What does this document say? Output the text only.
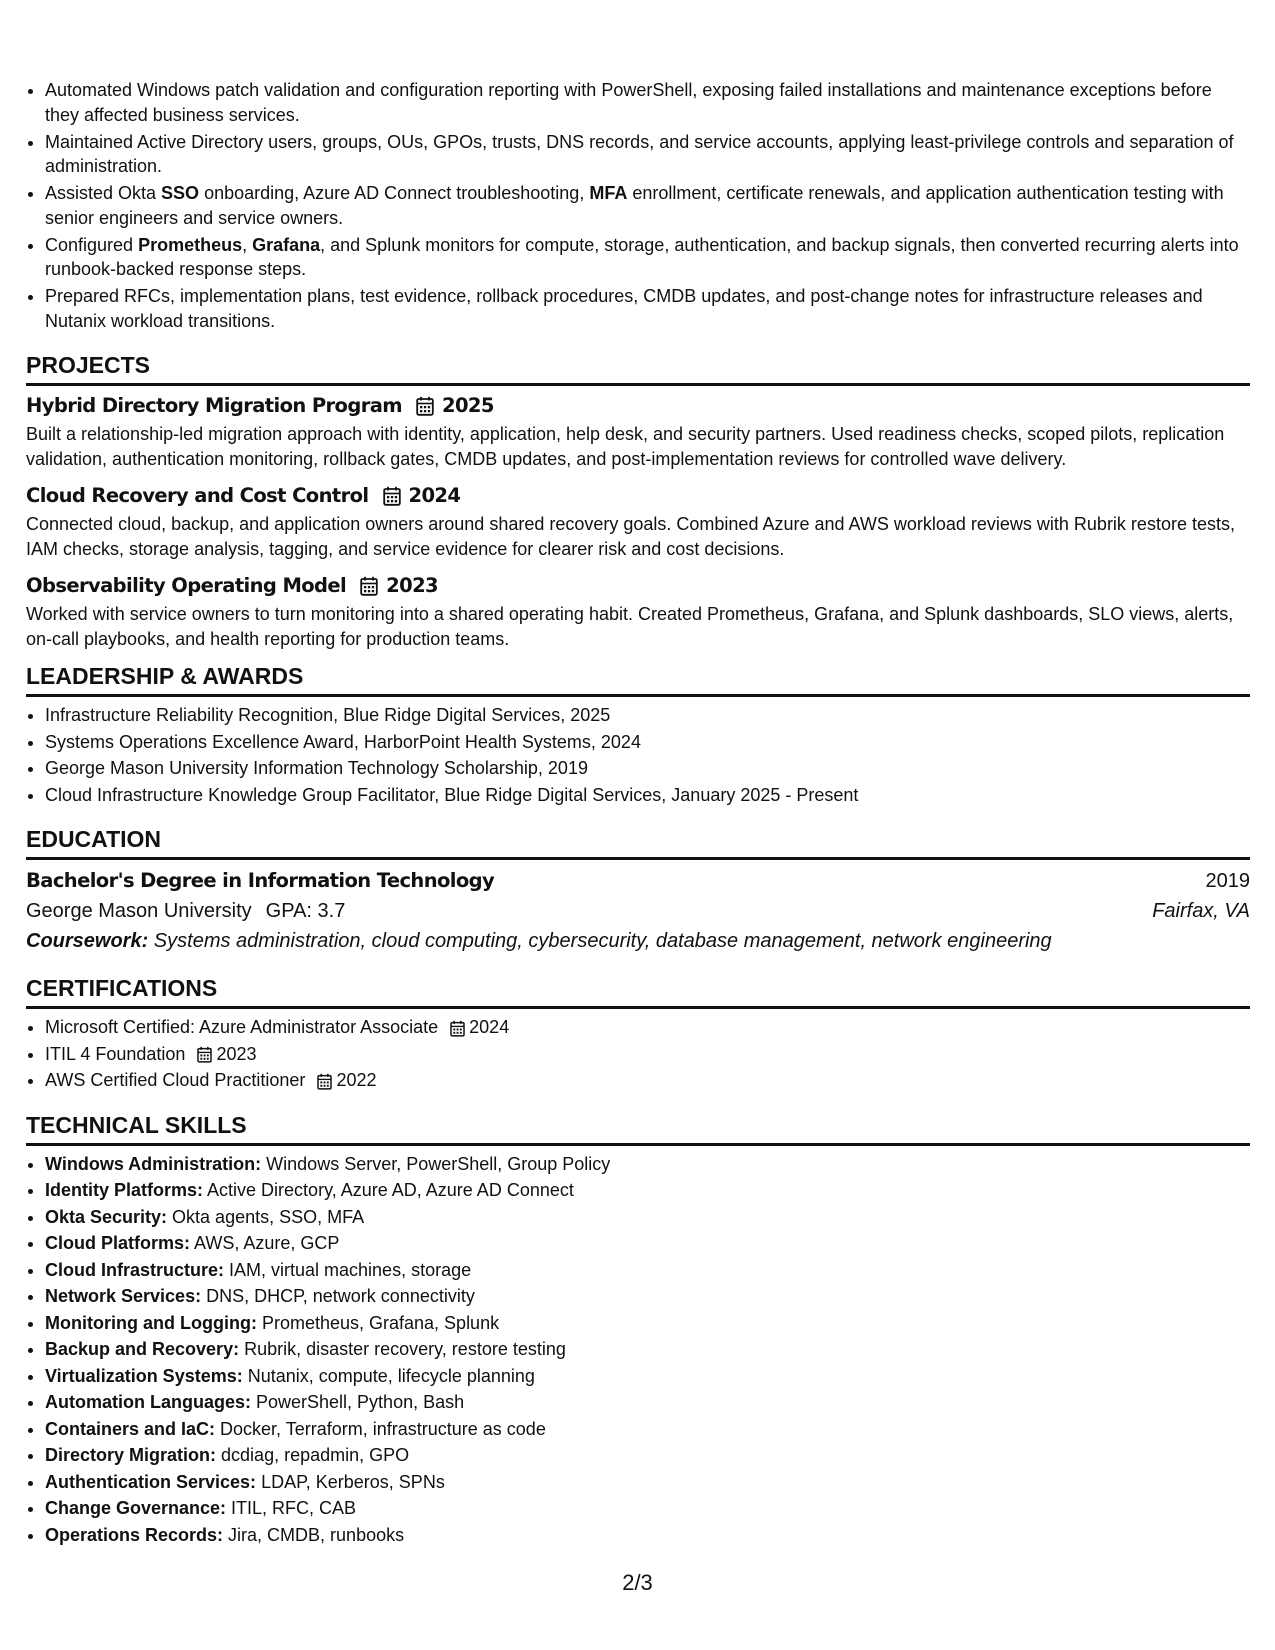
• Automated Windows patch validation and configuration reporting with PowerShell, exposing failed installations and maintenance exceptions before they affected business services.
• Maintained Active Directory users, groups, OUs, GPOs, trusts, DNS records, and service accounts, applying least-privilege controls and separation of administration.
• Assisted Okta SSO onboarding, Azure AD Connect troubleshooting, MFA enrollment, certificate renewals, and application authentication testing with senior engineers and service owners.
• Configured Prometheus, Grafana, and Splunk monitors for compute, storage, authentication, and backup signals, then converted recurring alerts into runbook-backed response steps.
• Prepared RFCs, implementation plans, test evidence, rollback procedures, CMDB updates, and post-change notes for infrastructure releases and Nutanix workload transitions.
PROJECTS
Hybrid Directory Migration Program 2025
Built a relationship-led migration approach with identity, application, help desk, and security partners. Used readiness checks, scoped pilots, replication validation, authentication monitoring, rollback gates, CMDB updates, and post-implementation reviews for controlled wave delivery.
Cloud Recovery and Cost Control 2024
Connected cloud, backup, and application owners around shared recovery goals. Combined Azure and AWS workload reviews with Rubrik restore tests, IAM checks, storage analysis, tagging, and service evidence for clearer risk and cost decisions.
Observability Operating Model 2023
Worked with service owners to turn monitoring into a shared operating habit. Created Prometheus, Grafana, and Splunk dashboards, SLO views, alerts, on-call playbooks, and health reporting for production teams.
LEADERSHIP & AWARDS
• Infrastructure Reliability Recognition, Blue Ridge Digital Services, 2025
• Systems Operations Excellence Award, HarborPoint Health Systems, 2024
• George Mason University Information Technology Scholarship, 2019
• Cloud Infrastructure Knowledge Group Facilitator, Blue Ridge Digital Services, January 2025 - Present
EDUCATION
Bachelor's Degree in Information Technology	2019
George Mason University GPA: 3.7	Fairfax, VA
Coursework: Systems administration, cloud computing, cybersecurity, database management, network engineering
CERTIFICATIONS
• Microsoft Certified: Azure Administrator Associate 2024
• ITIL 4 Foundation 2023
• AWS Certified Cloud Practitioner 2022
TECHNICAL SKILLS
• Windows Administration: Windows Server, PowerShell, Group Policy
• Identity Platforms: Active Directory, Azure AD, Azure AD Connect
• Okta Security: Okta agents, SSO, MFA
• Cloud Platforms: AWS, Azure, GCP
• Cloud Infrastructure: IAM, virtual machines, storage
• Network Services: DNS, DHCP, network connectivity
• Monitoring and Logging: Prometheus, Grafana, Splunk
• Backup and Recovery: Rubrik, disaster recovery, restore testing
• Virtualization Systems: Nutanix, compute, lifecycle planning
• Automation Languages: PowerShell, Python, Bash
• Containers and IaC: Docker, Terraform, infrastructure as code
• Directory Migration: dcdiag, repadmin, GPO
• Authentication Services: LDAP, Kerberos, SPNs
• Change Governance: ITIL, RFC, CAB
• Operations Records: Jira, CMDB, runbooks
2/3
